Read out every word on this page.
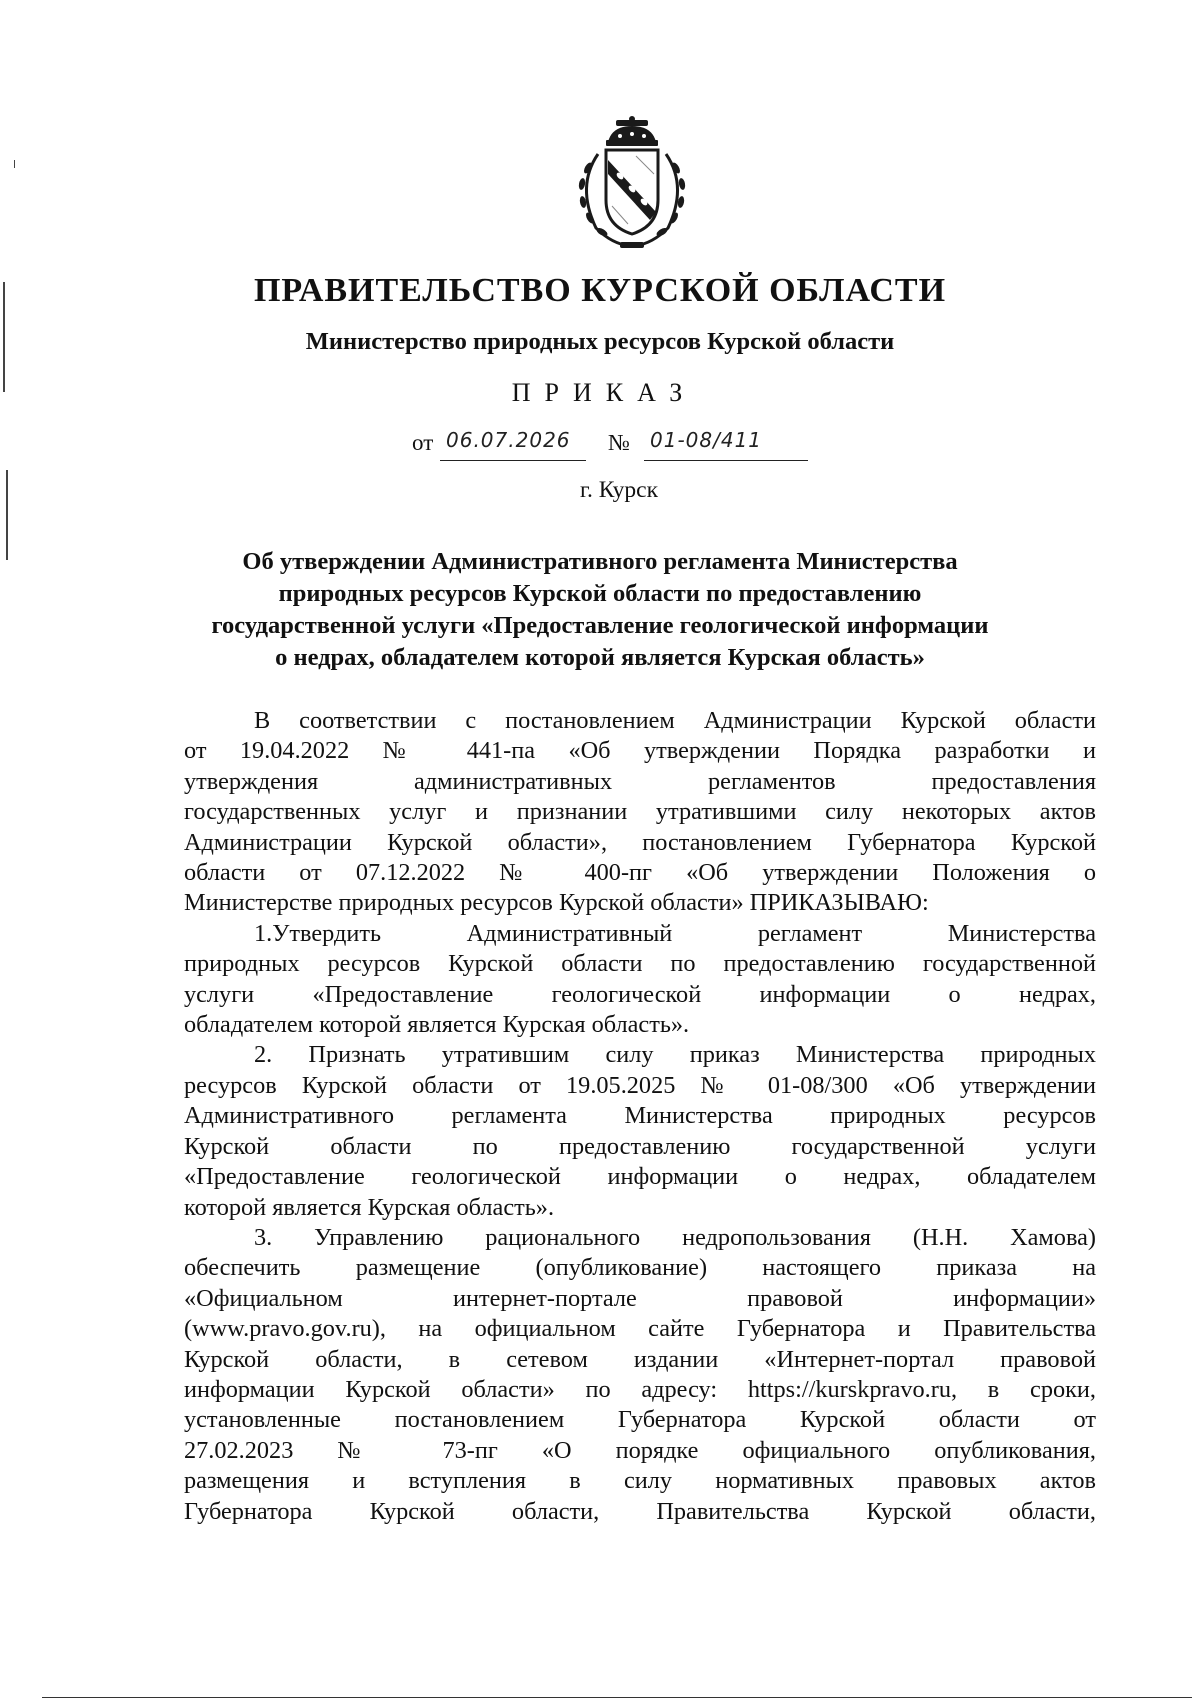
ПРАВИТЕЛЬСТВО КУРСКОЙ ОБЛАСТИ
Министерство природных ресурсов Курской области
ПРИКАЗ
от 06.07.2026 № 01-08/411
г. Курск
Об утверждении Административного регламента Министерства
природных ресурсов Курской области по предоставлению
государственной услуги «Предоставление геологической информации
о недрах, обладателем которой является Курская область»

В соответствии с постановлением Администрации Курской области

от 19.04.2022 № 441-па «Об утверждении Порядка разработки и

утверждения административных регламентов предоставления

государственных услуг и признании утратившими силу некоторых актов

Администрации Курской области», постановлением Губернатора Курской

области от 07.12.2022 № 400-пг «Об утверждении Положения о

Министерстве природных ресурсов Курской области» ПРИКАЗЫВАЮ:

1.Утвердить Административный регламент Министерства

природных ресурсов Курской области по предоставлению государственной

услуги «Предоставление геологической информации о недрах,

обладателем которой является Курская область».

2. Признать утратившим силу приказ Министерства природных

ресурсов Курской области от 19.05.2025 № 01-08/300 «Об утверждении

Административного регламента Министерства природных ресурсов

Курской области по предоставлению государственной услуги

«Предоставление геологической информации о недрах, обладателем

которой является Курская область».

3. Управлению рационального недропользования (Н.Н. Хамова)

обеспечить размещение (опубликование) настоящего приказа на

«Официальном интернет-портале правовой информации»

(www.pravo.gov.ru), на официальном сайте Губернатора и Правительства

Курской области, в сетевом издании «Интернет-портал правовой

информации Курской области» по адресу: https://kurskpravo.ru, в сроки,

установленные постановлением Губернатора Курской области от

27.02.2023 № 73-пг «О порядке официального опубликования,

размещения и вступления в силу нормативных правовых актов

Губернатора Курской области, Правительства Курской области,
